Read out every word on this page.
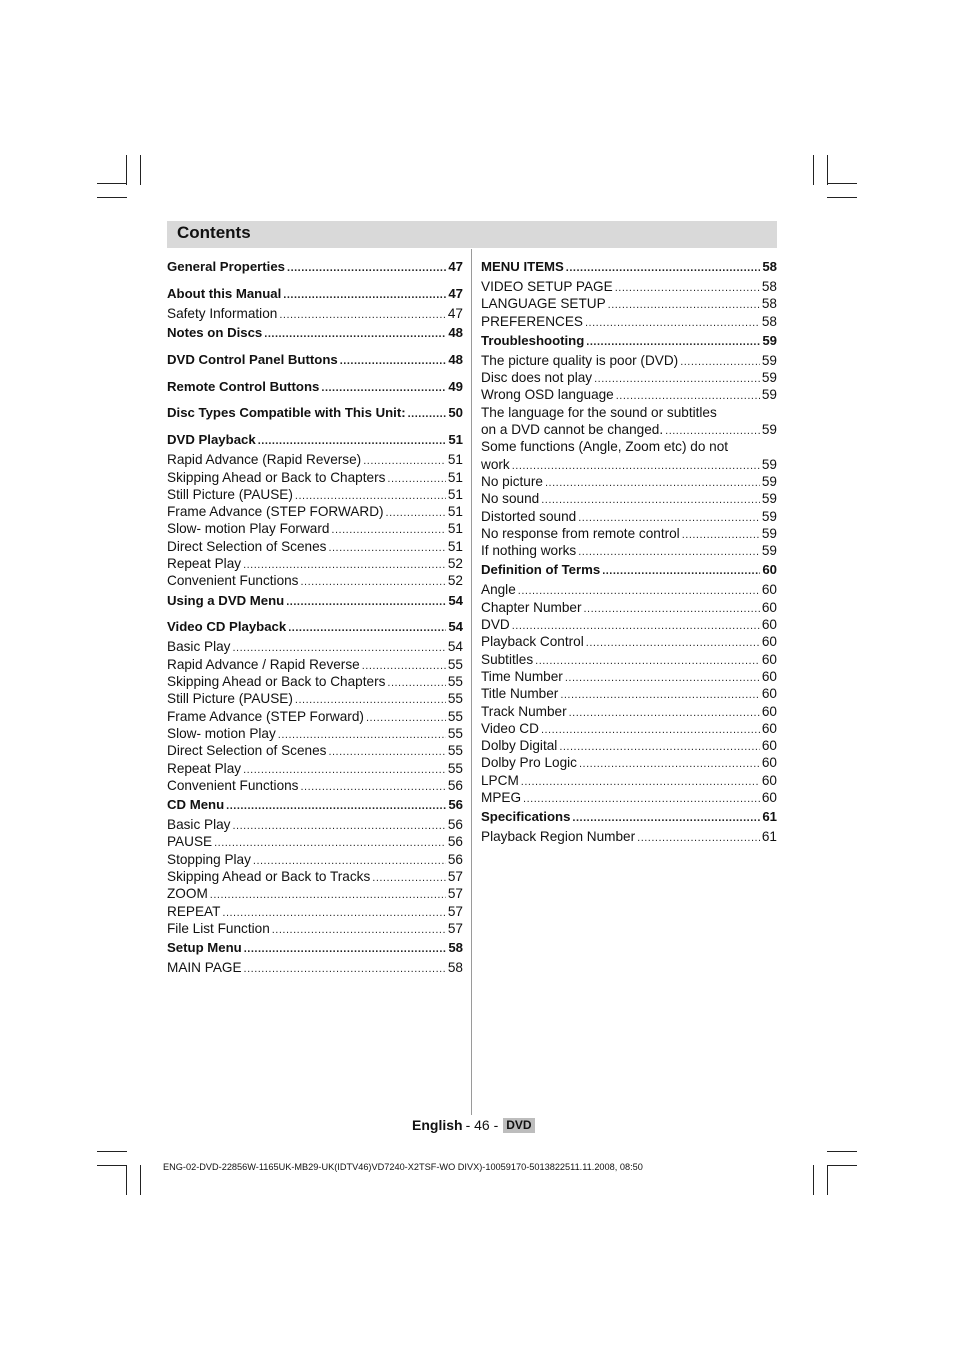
Contents
General Properties .....	47
About this Manual .....	47
Safety Information .....	47
Notes on Discs .....	48
DVD Control Panel Buttons .....	48
Remote Control Buttons .....	49
Disc Types Compatible with This Unit: .....	50
DVD Playback .....	51
Rapid Advance (Rapid Reverse) .....	51
Skipping Ahead or Back to Chapters .....	51
Still Picture (PAUSE) .....	51
Frame Advance (STEP FORWARD) .....	51
Slow- motion Play Forward .....	51
Direct Selection of Scenes .....	51
Repeat Play .....	52
Convenient Functions .....	52
Using a DVD Menu .....	54
Video CD Playback .....	54
Basic Play .....	54
Rapid Advance / Rapid Reverse .....	55
Skipping Ahead or Back to Chapters .....	55
Still Picture (PAUSE) .....	55
Frame Advance (STEP Forward) .....	55
Slow- motion Play .....	55
Direct Selection of Scenes .....	55
Repeat Play .....	55
Convenient Functions .....	56
CD Menu .....	56
Basic Play .....	56
PAUSE .....	56
Stopping Play .....	56
Skipping Ahead or Back to Tracks .....	57
ZOOM .....	57
REPEAT .....	57
File List Function .....	57
Setup Menu .....	58
MAIN PAGE .....	58
MENU ITEMS .....	58
VIDEO SETUP PAGE .....	58
LANGUAGE SETUP .....	58
PREFERENCES .....	58
Troubleshooting .....	59
The picture quality is poor (DVD) .....	59
Disc does not play .....	59
Wrong OSD language .....	59
The language for the sound or subtitles
on a DVD cannot be changed. .....	59
Some functions (Angle, Zoom etc) do not
work .....	59
No picture .....	59
No sound .....	59
Distorted sound .....	59
No response from remote control .....	59
If nothing works .....	59
Definition of Terms .....	60
Angle .....	60
Chapter Number .....	60
DVD .....	60
Playback Control .....	60
Subtitles .....	60
Time Number .....	60
Title Number .....	60
Track Number .....	60
Video CD .....	60
Dolby Digital .....	60
Dolby Pro Logic .....	60
LPCM .....	60
MPEG .....	60
Specifications .....	61
Playback Region Number .....	61
English - 46 - DVD
ENG-02-DVD-22856W-1165UK-MB29-UK(IDTV46)VD7240-X2TSF-WO DIVX)-10059170-5013822511.11.2008, 08:50
